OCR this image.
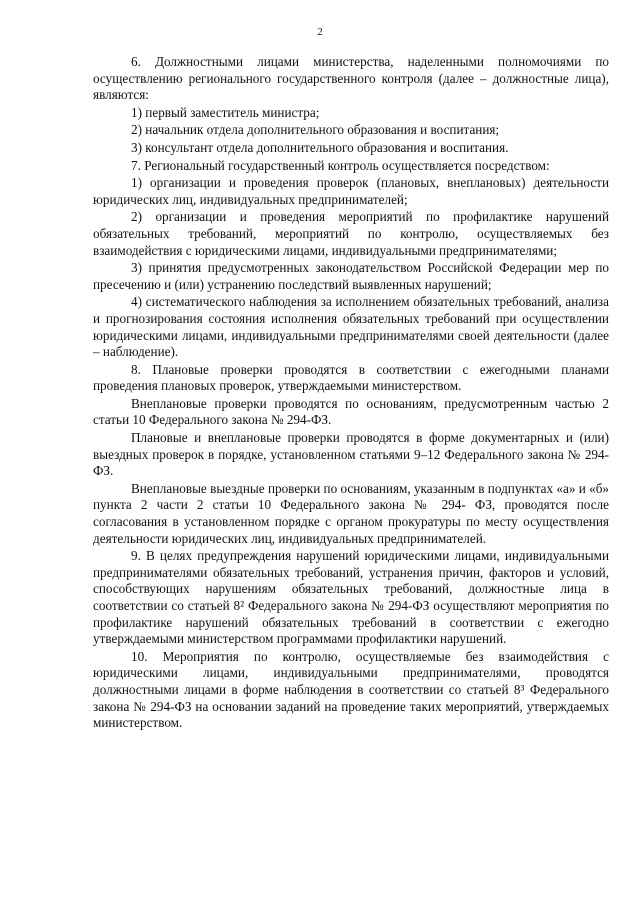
2

6. Должностными лицами министерства, наделенными полномочиями по осуществлению регионального государственного контроля (далее – должностные лица), являются:

1) первый заместитель министра;

2) начальник отдела дополнительного образования и воспитания;

3) консультант отдела дополнительного образования и воспитания.

7. Региональный государственный контроль осуществляется посредством:

1) организации и проведения проверок (плановых, внеплановых) деятельности юридических лиц, индивидуальных предпринимателей;

2) организации и проведения мероприятий по профилактике нарушений обязательных требований, мероприятий по контролю, осуществляемых без взаимодействия с юридическими лицами, индивидуальными предпринимателями;

3) принятия предусмотренных законодательством Российской Федерации мер по пресечению и (или) устранению последствий выявленных нарушений;

4) систематического наблюдения за исполнением обязательных требований, анализа и прогнозирования состояния исполнения обязательных требований при осуществлении юридическими лицами, индивидуальными предпринимателями своей деятельности (далее – наблюдение).

8. Плановые проверки проводятся в соответствии с ежегодными планами проведения плановых проверок, утверждаемыми министерством.

Внеплановые проверки проводятся по основаниям, предусмотренным частью 2 статьи 10 Федерального закона № 294-ФЗ.

Плановые и внеплановые проверки проводятся в форме документарных и (или) выездных проверок в порядке, установленном статьями 9–12 Федерального закона № 294-ФЗ.

Внеплановые выездные проверки по основаниям, указанным в подпунктах «а» и «б» пункта 2 части 2 статьи 10 Федерального закона № 294- ФЗ, проводятся после согласования в установленном порядке с органом прокуратуры по месту осуществления деятельности юридических лиц, индивидуальных предпринимателей.

9. В целях предупреждения нарушений юридическими лицами, индивидуальными предпринимателями обязательных требований, устранения причин, факторов и условий, способствующих нарушениям обязательных требований, должностные лица в соответствии со статьей 8² Федерального закона № 294-ФЗ осуществляют мероприятия по профилактике нарушений обязательных требований в соответствии с ежегодно утверждаемыми министерством программами профилактики нарушений.

10. Мероприятия по контролю, осуществляемые без взаимодействия с юридическими лицами, индивидуальными предпринимателями, проводятся должностными лицами в форме наблюдения в соответствии со статьей 8³ Федерального закона № 294-ФЗ на основании заданий на проведение таких мероприятий, утверждаемых министерством.
